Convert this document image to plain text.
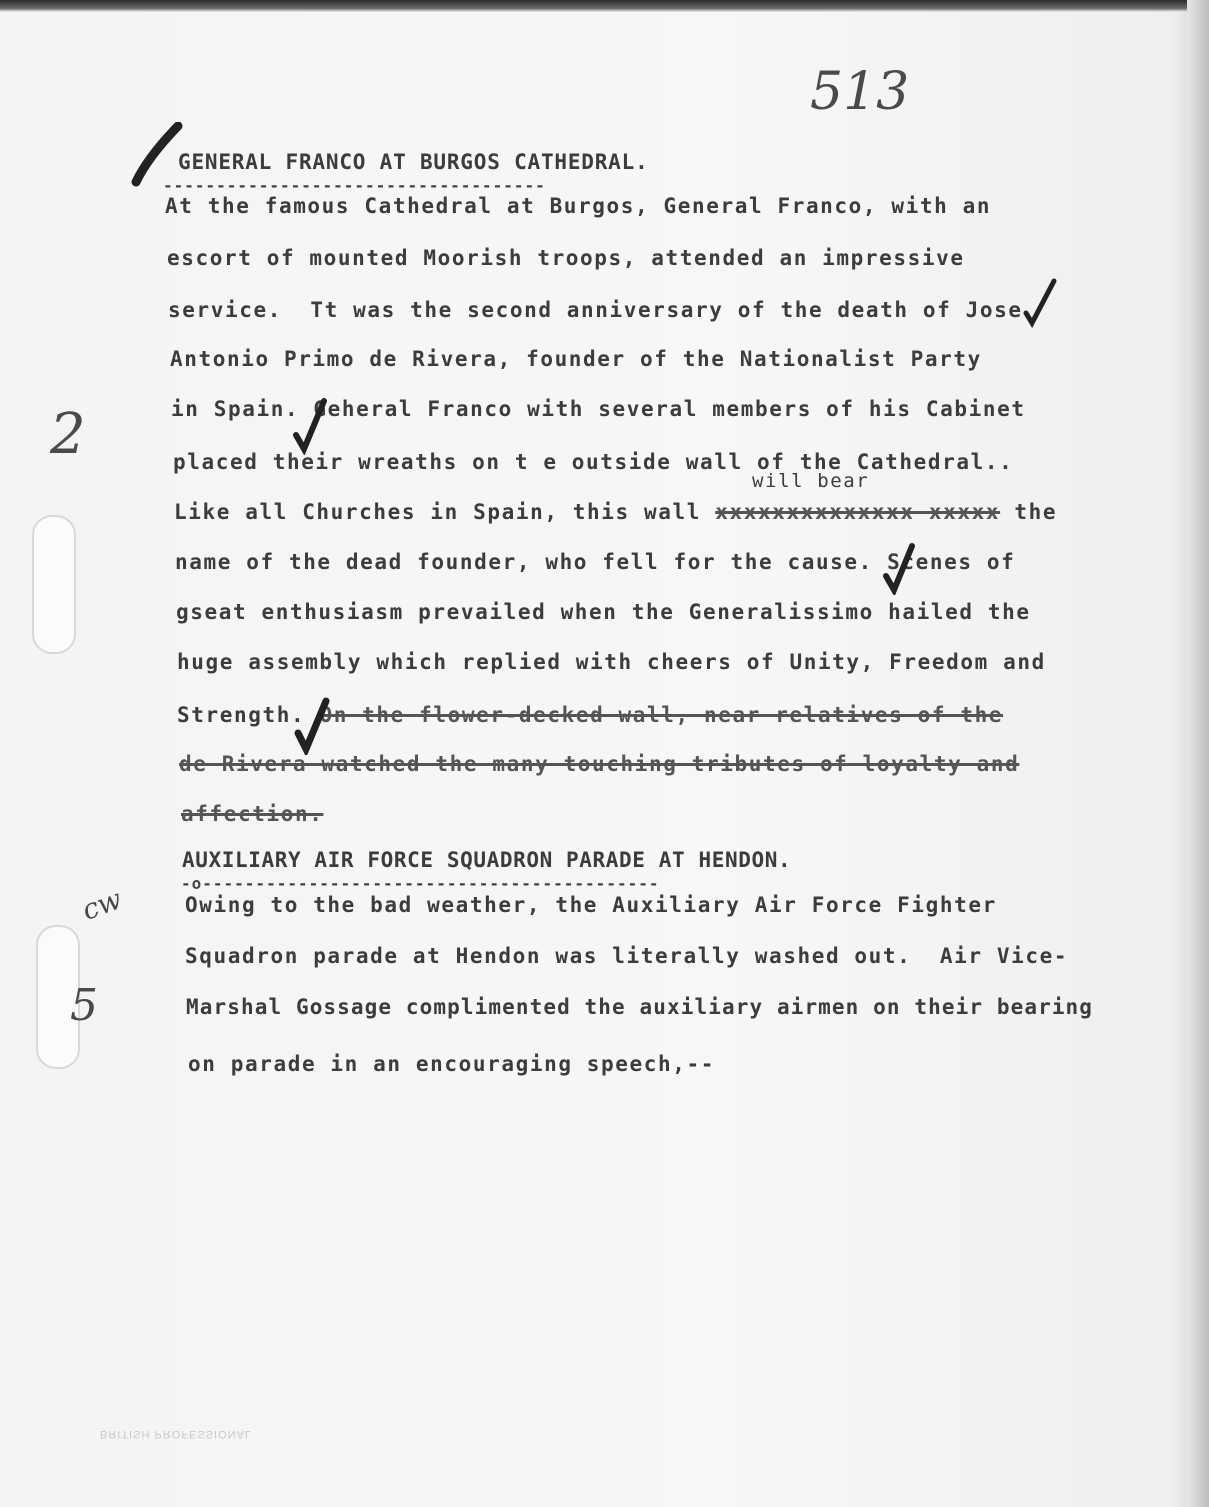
513
2
cw
5
GENERAL FRANCO AT BURGOS CATHEDRAL.
------------------------------------
At the famous Cathedral at Burgos, General Franco, with an
escort of mounted Moorish troops, attended an impressive
service.  Tt was the second anniversary of the death of Jose
Antonio Primo de Rivera, founder of the Nationalist Party
in Spain. Geheral Franco with several members of his Cabinet
placed their wreaths on t e outside wall of the Cathedral..
will bear
Like all Churches in Spain, this wall xxxxxxxxxxxxxx xxxxx the
name of the dead founder, who fell for the cause. Scenes of
gseat enthusiasm prevailed when the Generalissimo hailed the
huge assembly which replied with cheers of Unity, Freedom and
Strength. On the flower-decked wall, near relatives of the
de Rivera watched the many touching tributes of loyalty and
affection.
AUXILIARY AIR FORCE SQUADRON PARADE AT HENDON.
-o-------------------------------------------
Owing to the bad weather, the Auxiliary Air Force Fighter
Squadron parade at Hendon was literally washed out.  Air Vice-
Marshal Gossage complimented the auxiliary airmen on their bearing
on parade in an encouraging speech,--
BRITISH PROFESSIONAL
